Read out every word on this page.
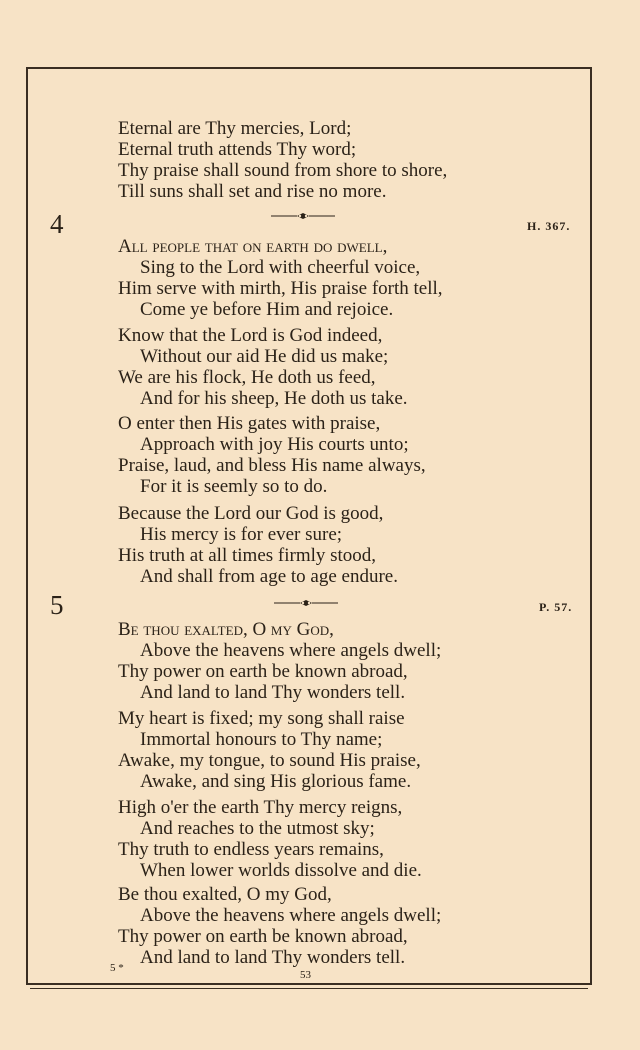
Eternal are Thy mercies, Lord;
Eternal truth attends Thy word;
Thy praise shall sound from shore to shore,
Till suns shall set and rise no more.
4	H. 367.
All people that on earth do dwell,
Sing to the Lord with cheerful voice,
Him serve with mirth, His praise forth tell,
Come ye before Him and rejoice.
Know that the Lord is God indeed,
Without our aid He did us make;
We are his flock, He doth us feed,
And for his sheep, He doth us take.
O enter then His gates with praise,
Approach with joy His courts unto;
Praise, laud, and bless His name always,
For it is seemly so to do.
Because the Lord our God is good,
His mercy is for ever sure;
His truth at all times firmly stood,
And shall from age to age endure.
5	P. 57.
Be thou exalted, O my God,
Above the heavens where angels dwell;
Thy power on earth be known abroad,
And land to land Thy wonders tell.
My heart is fixed; my song shall raise
Immortal honours to Thy name;
Awake, my tongue, to sound His praise,
Awake, and sing His glorious fame.
High o'er the earth Thy mercy reigns,
And reaches to the utmost sky;
Thy truth to endless years remains,
When lower worlds dissolve and die.
Be thou exalted, O my God,
Above the heavens where angels dwell;
Thy power on earth be known abroad,
And land to land Thy wonders tell.
5 *
53
